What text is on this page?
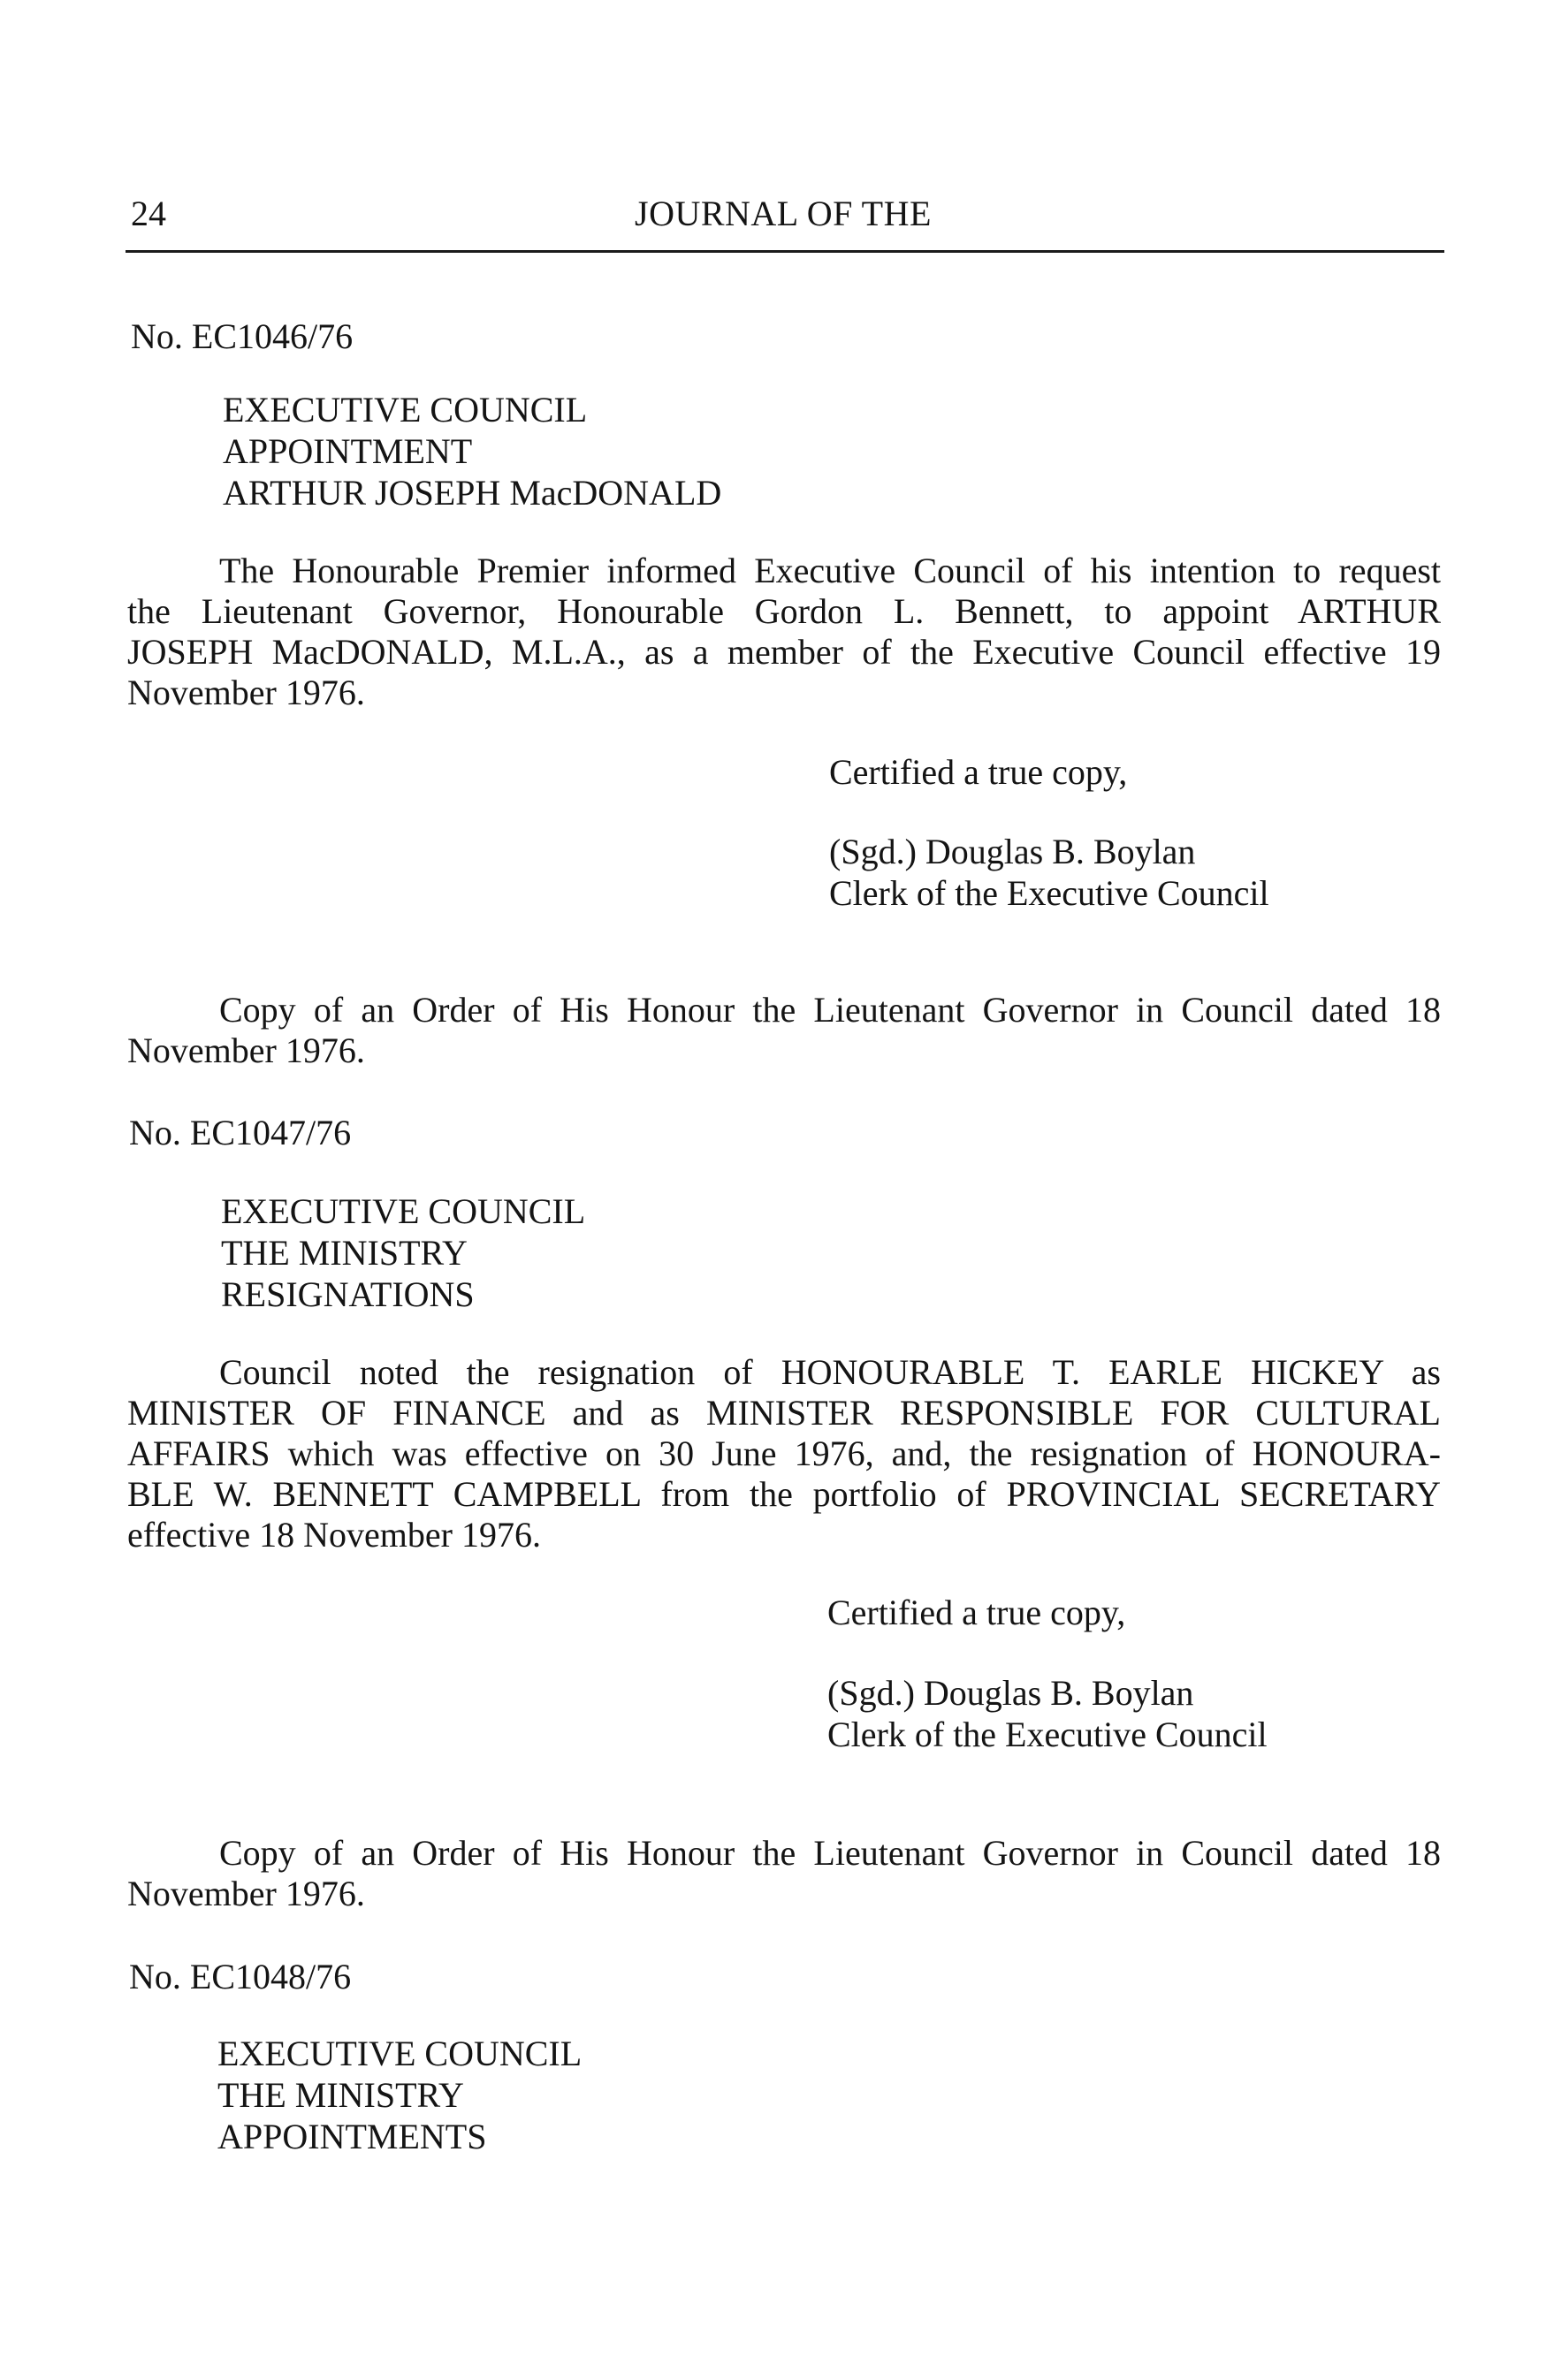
24	JOURNAL OF THE
No. EC1046/76
EXECUTIVE COUNCIL
APPOINTMENT
ARTHUR JOSEPH MacDONALD
The Honourable Premier informed Executive Council of his intention to request
the Lieutenant Governor, Honourable Gordon L. Bennett, to appoint ARTHUR
JOSEPH MacDONALD, M.L.A., as a member of the Executive Council effective 19
November 1976.
Certified a true copy,
(Sgd.) Douglas B. Boylan
Clerk of the Executive Council
Copy of an Order of His Honour the Lieutenant Governor in Council dated 18
November 1976.
No. EC1047/76
EXECUTIVE COUNCIL
THE MINISTRY
RESIGNATIONS
Council noted the resignation of HONOURABLE T. EARLE HICKEY as
MINISTER OF FINANCE and as MINISTER RESPONSIBLE FOR CULTURAL
AFFAIRS which was effective on 30 June 1976, and, the resignation of HONOURA-
BLE W. BENNETT CAMPBELL from the portfolio of PROVINCIAL SECRETARY
effective 18 November 1976.
Certified a true copy,
(Sgd.) Douglas B. Boylan
Clerk of the Executive Council
Copy of an Order of His Honour the Lieutenant Governor in Council dated 18
November 1976.
No. EC1048/76
EXECUTIVE COUNCIL
THE MINISTRY
APPOINTMENTS
